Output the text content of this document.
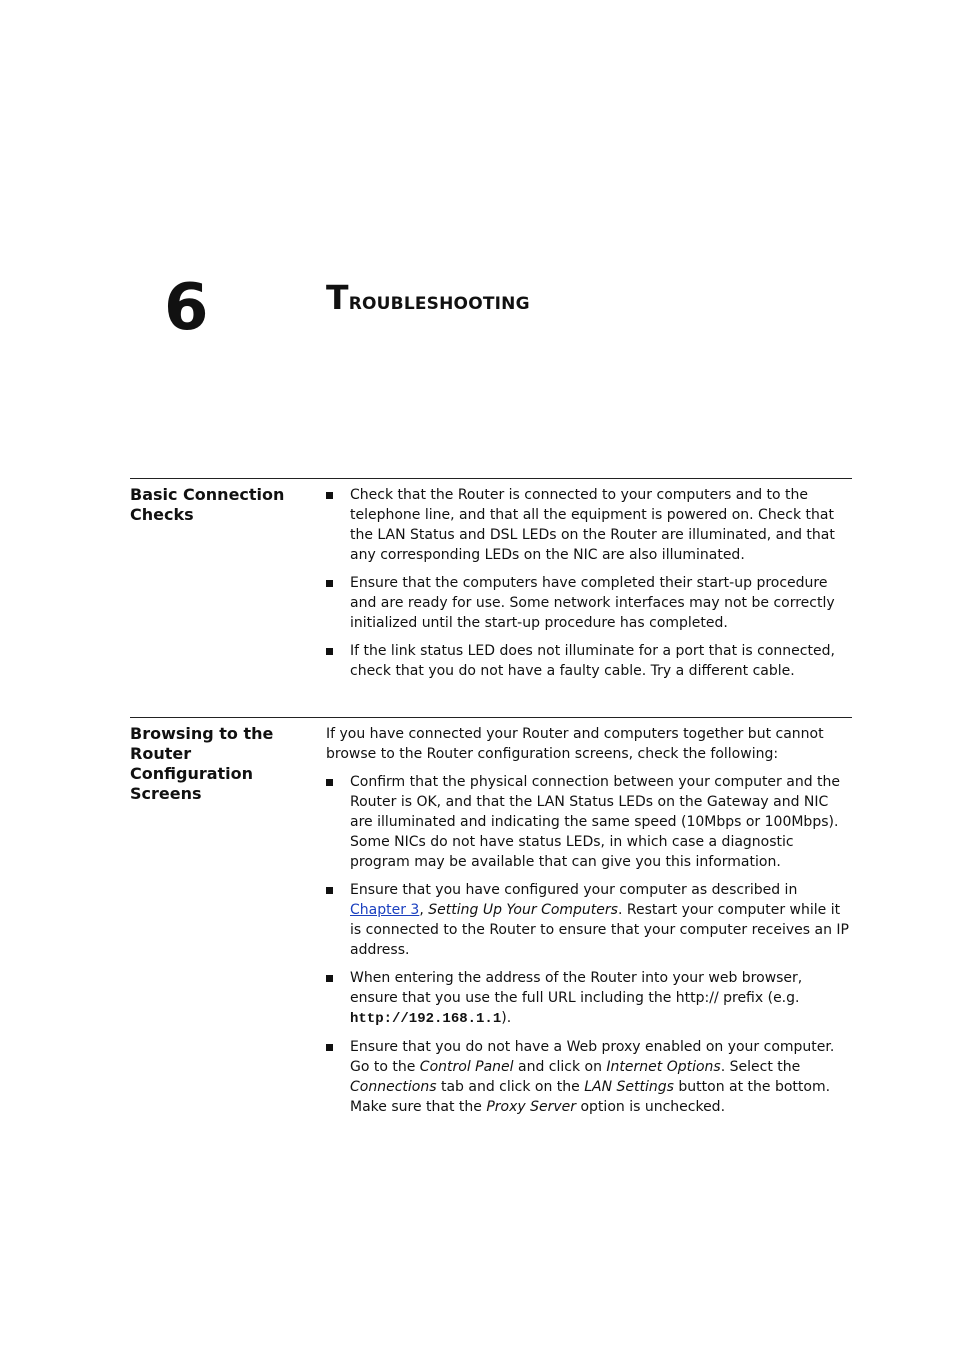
6	Troubleshooting
Basic Connection Checks
Check that the Router is connected to your computers and to the telephone line, and that all the equipment is powered on. Check that the LAN Status and DSL LEDs on the Router are illuminated, and that any corresponding LEDs on the NIC are also illuminated.
Ensure that the computers have completed their start-up procedure and are ready for use. Some network interfaces may not be correctly initialized until the start-up procedure has completed.
If the link status LED does not illuminate for a port that is connected, check that you do not have a faulty cable. Try a different cable.
Browsing to the Router Configuration Screens

If you have connected your Router and computers together but cannot browse to the Router configuration screens, check the following:

Confirm that the physical connection between your computer and the Router is OK, and that the LAN Status LEDs on the Gateway and NIC are illuminated and indicating the same speed (10Mbps or 100Mbps). Some NICs do not have status LEDs, in which case a diagnostic program may be available that can give you this information.
Ensure that you have configured your computer as described in Chapter 3, Setting Up Your Computers. Restart your computer while it is connected to the Router to ensure that your computer receives an IP address.
When entering the address of the Router into your web browser, ensure that you use the full URL including the http:// prefix (e.g. http://192.168.1.1).
Ensure that you do not have a Web proxy enabled on your computer. Go to the Control Panel and click on Internet Options. Select the Connections tab and click on the LAN Settings button at the bottom. Make sure that the Proxy Server option is unchecked.
